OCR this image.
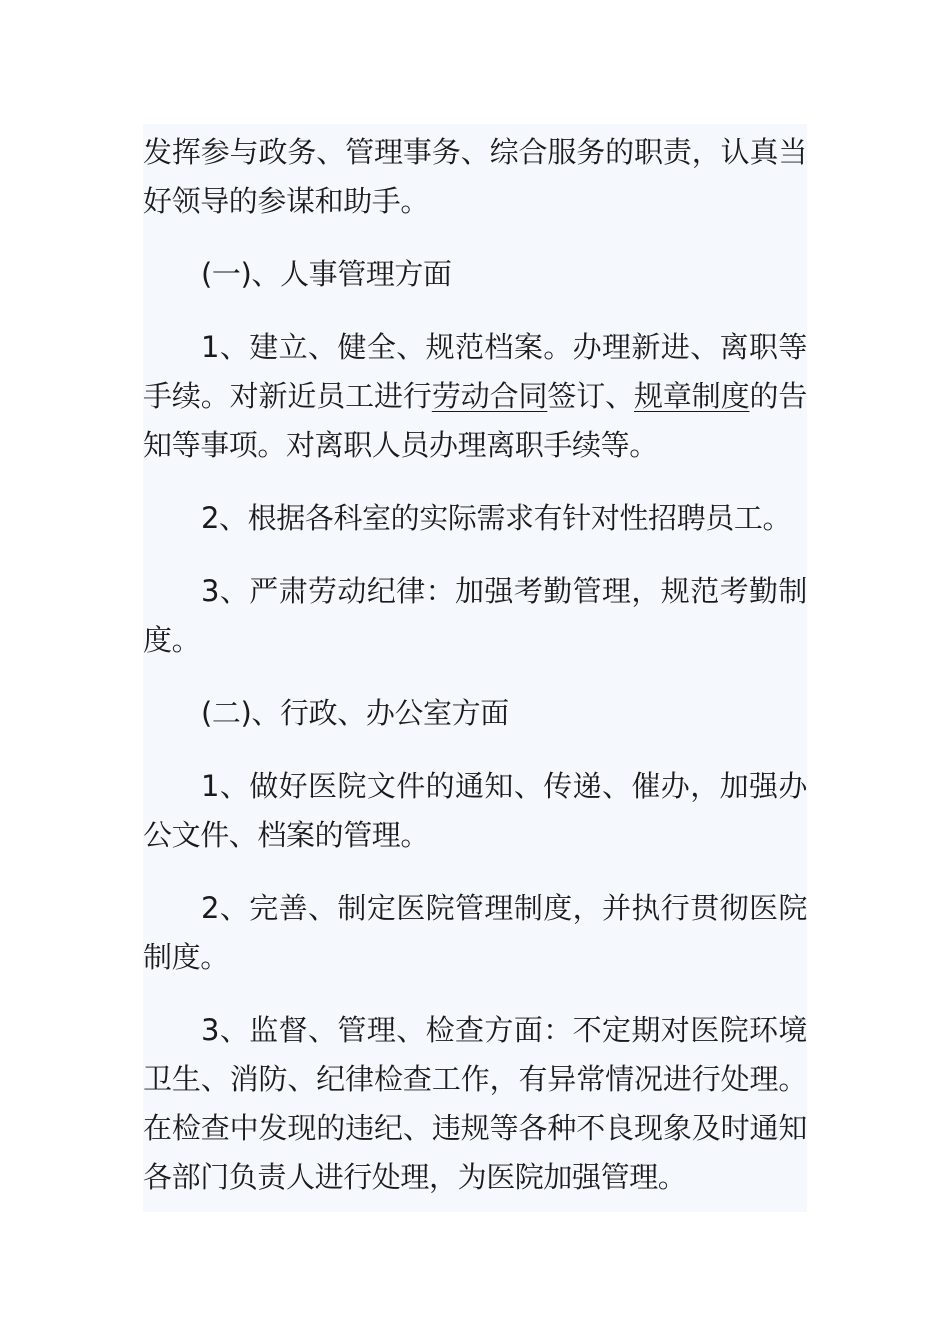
发挥参与政务、管理事务、综合服务的职责，认真当好领导的参谋和助手。

(一)、人事管理方面

1、建立、健全、规范档案。办理新进、离职等手续。对新近员工进行劳动合同签订、规章制度的告知等事项。对离职人员办理离职手续等。

2、根据各科室的实际需求有针对性招聘员工。

3、严肃劳动纪律：加强考勤管理，规范考勤制度。

(二)、行政、办公室方面

1、做好医院文件的通知、传递、催办，加强办公文件、档案的管理。

2、完善、制定医院管理制度，并执行贯彻医院制度。

3、监督、管理、检查方面：不定期对医院环境卫生、消防、纪律检查工作，有异常情况进行处理。在检查中发现的违纪、违规等各种不良现象及时通知各部门负责人进行处理，为医院加强管理。
